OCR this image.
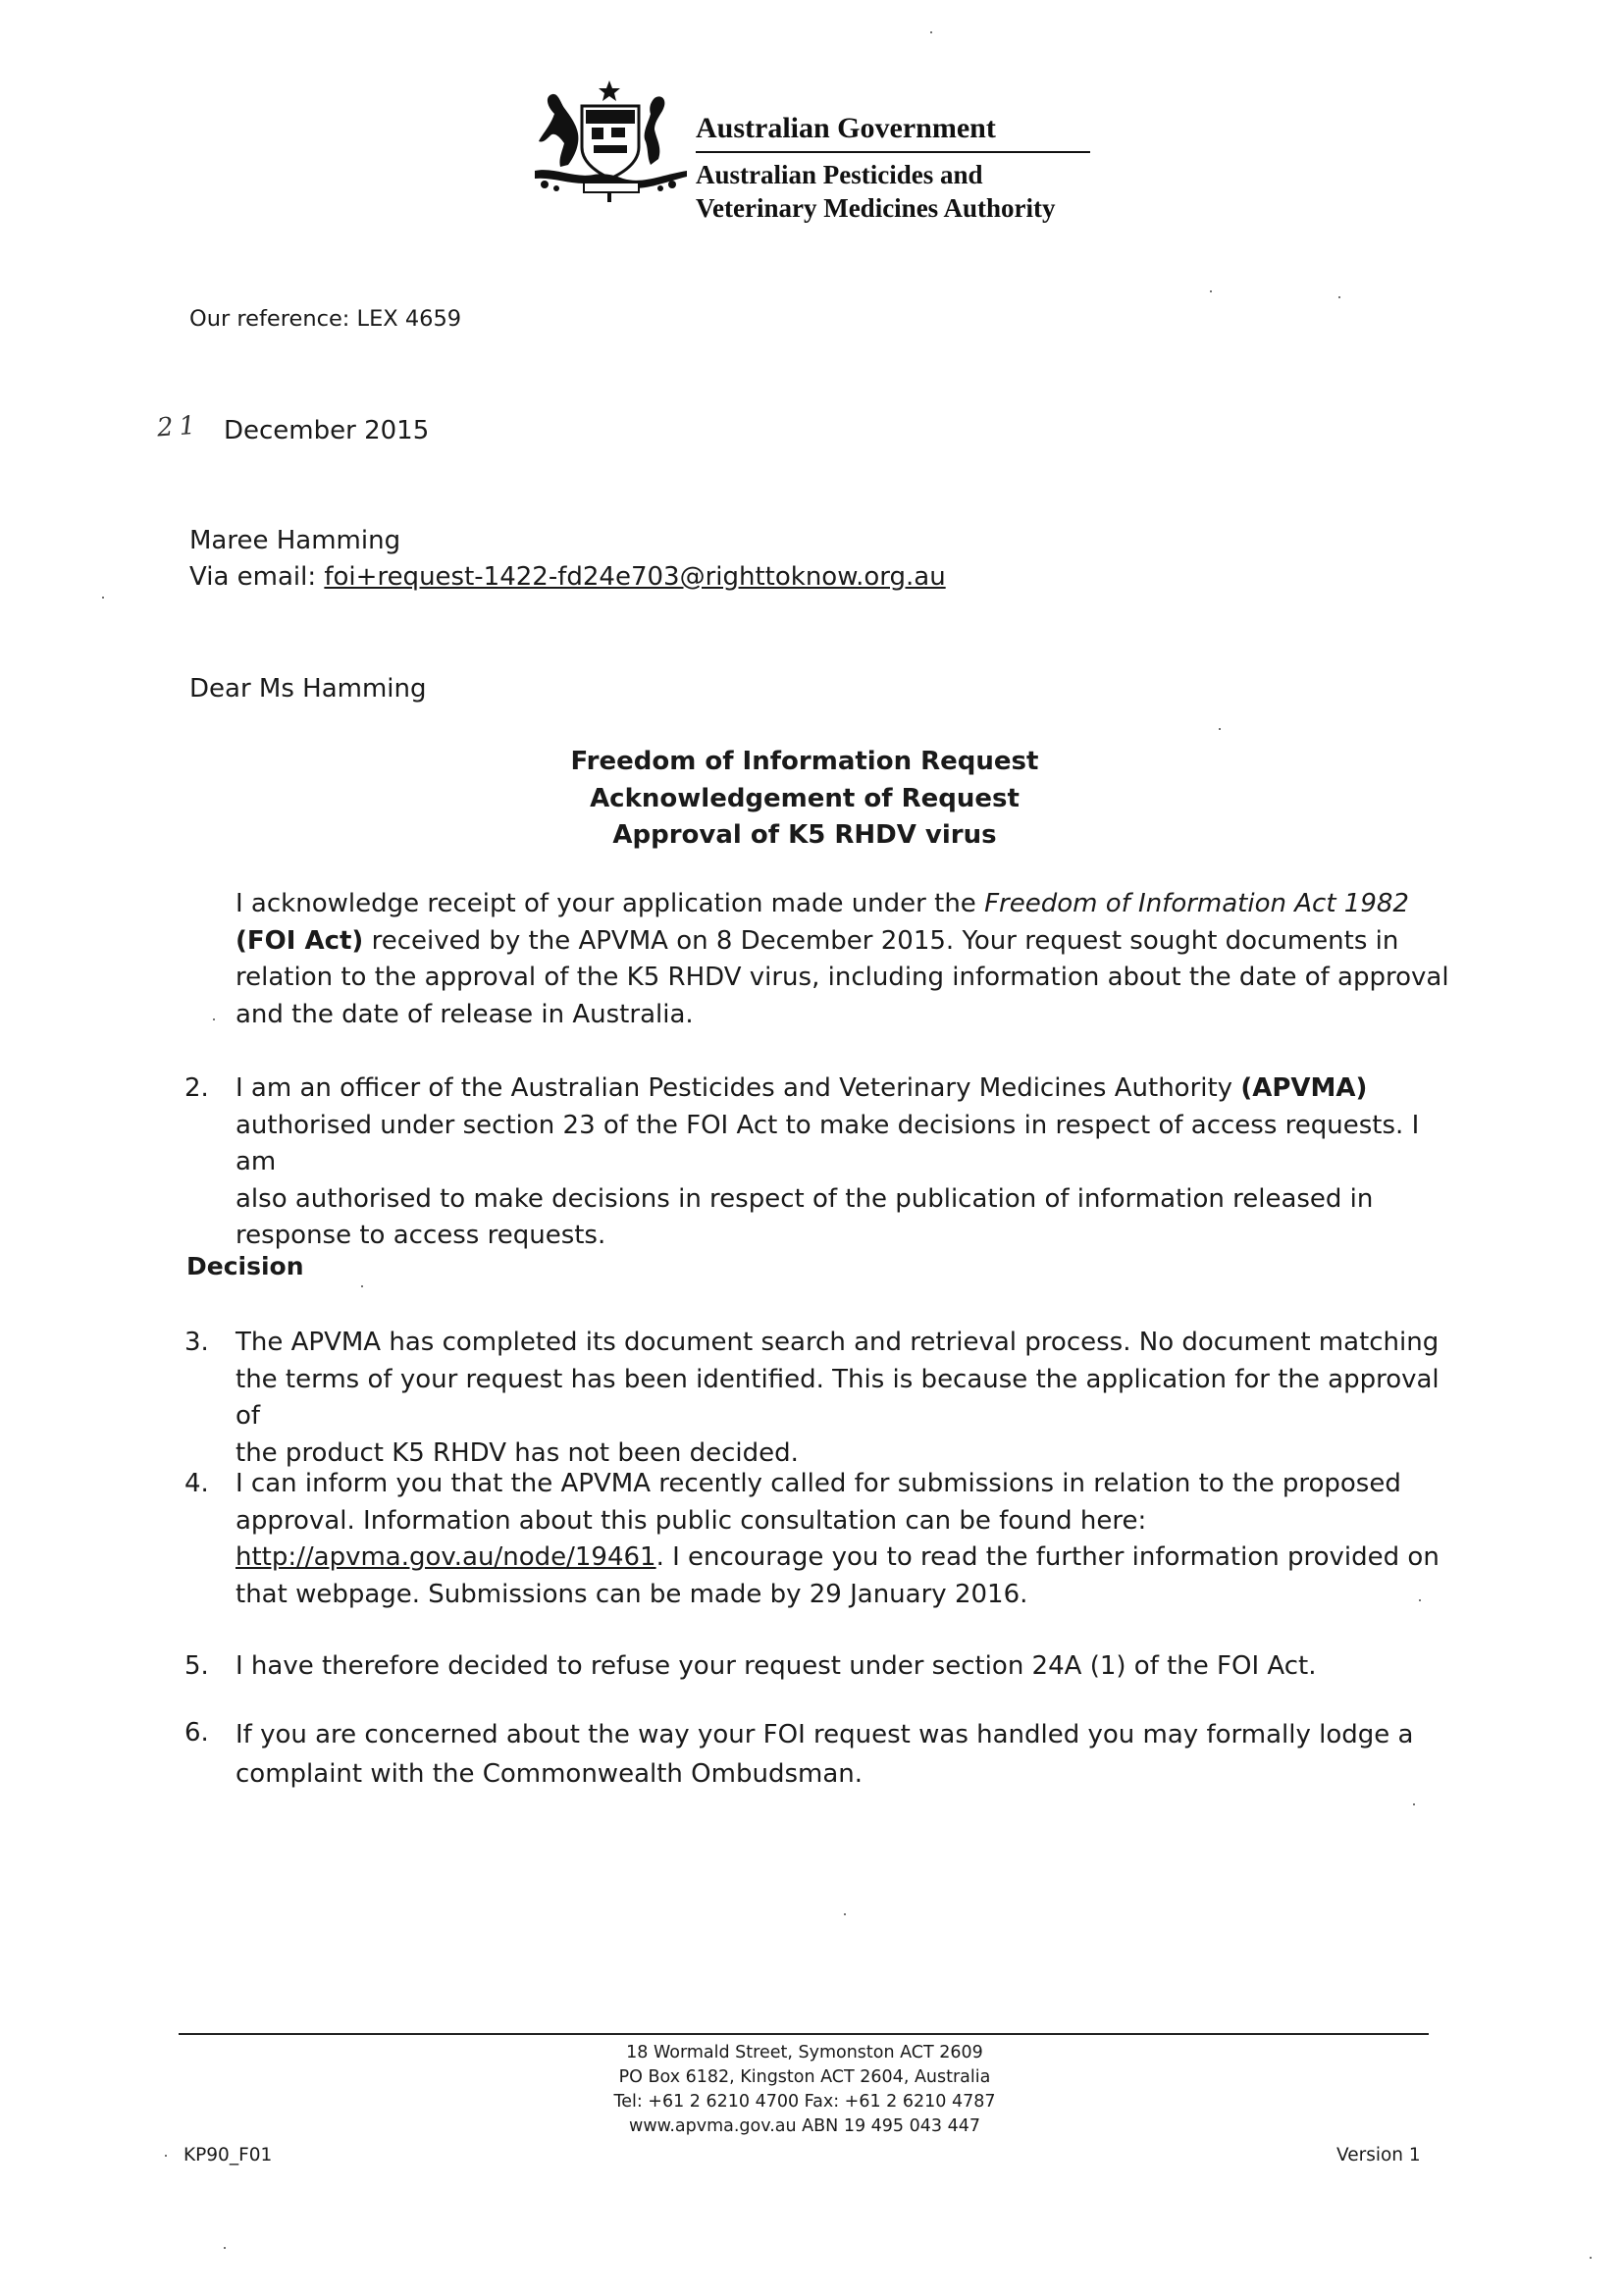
Australian Government
Australian Pesticides and
Veterinary Medicines Authority
Our reference: LEX 4659
21 December 2015
Maree Hamming
Via email: foi+request-1422-fd24e703@righttoknow.org.au
Dear Ms Hamming
Freedom of Information Request
Acknowledgement of Request
Approval of K5 RHDV virus
I acknowledge receipt of your application made under the Freedom of Information Act 1982
(FOI Act) received by the APVMA on 8 December 2015. Your request sought documents in
relation to the approval of the K5 RHDV virus, including information about the date of approval
and the date of release in Australia.
2. I am an officer of the Australian Pesticides and Veterinary Medicines Authority (APVMA)
authorised under section 23 of the FOI Act to make decisions in respect of access requests. I am
also authorised to make decisions in respect of the publication of information released in
response to access requests.
Decision
3. The APVMA has completed its document search and retrieval process. No document matching
the terms of your request has been identified. This is because the application for the approval of
the product K5 RHDV has not been decided.
4. I can inform you that the APVMA recently called for submissions in relation to the proposed
approval. Information about this public consultation can be found here:
http://apvma.gov.au/node/19461. I encourage you to read the further information provided on
that webpage. Submissions can be made by 29 January 2016.
5. I have therefore decided to refuse your request under section 24A (1) of the FOI Act.
6. If you are concerned about the way your FOI request was handled you may formally lodge a
complaint with the Commonwealth Ombudsman.
18 Wormald Street, Symonston ACT 2609
PO Box 6182, Kingston ACT 2604, Australia
Tel: +61 2 6210 4700 Fax: +61 2 6210 4787
www.apvma.gov.au ABN 19 495 043 447
KP90_F01	Version 1
